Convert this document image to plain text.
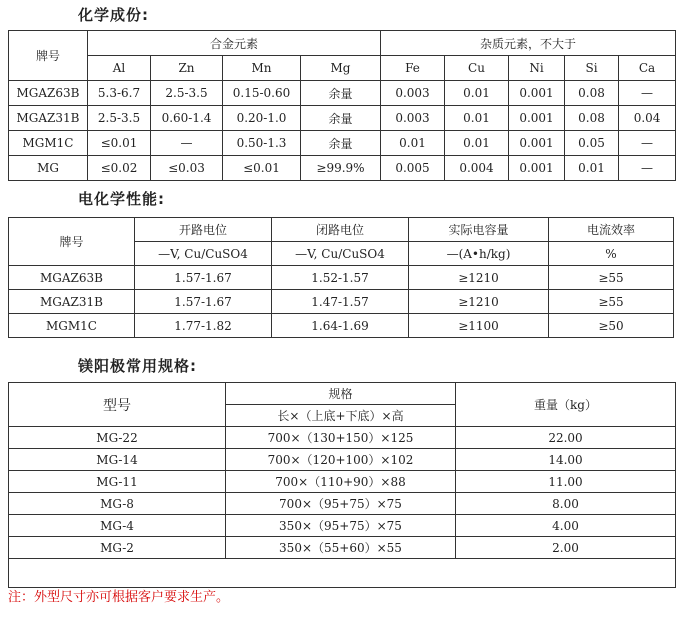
化学成份:
牌号	合金元素				杂质元素，不大于				
	Al	Zn	Mn	Mg	Fe	Cu	Ni	Si	Ca
MGAZ63B	5.3-6.7	2.5-3.5	0.15-0.60	余量	0.003	0.01	0.001	0.08	—
MGAZ31B	2.5-3.5	0.60-1.4	0.20-1.0	余量	0.003	0.01	0.001	0.08	0.04
MGM1C	≤0.01	—	0.50-1.3	余量	0.01	0.01	0.001	0.05	—
MG	≤0.02	≤0.03	≤0.01	≥99.9%	0.005	0.004	0.001	0.01	—
电化学性能:
牌号	开路电位	闭路电位	实际电容量	电流效率
	—V, Cu/CuSO4	—V, Cu/CuSO4	—(A•h/kg)	%
MGAZ63B	1.57-1.67	1.52-1.57	≥1210	≥55
MGAZ31B	1.57-1.67	1.47-1.57	≥1210	≥55
MGM1C	1.77-1.82	1.64-1.69	≥1100	≥50
镁阳极常用规格:
型号	规格	重量（kg）
	长×（上底+下底）×高	
MG-22	700×（130+150）×125	22.00
MG-14	700×（120+100）×102	14.00
MG-11	700×（110+90）×88	11.00
MG-8	700×（95+75）×75	8.00
MG-4	350×（95+75）×75	4.00
MG-2	350×（55+60）×55	2.00

注：外型尺寸亦可根据客户要求生产。
